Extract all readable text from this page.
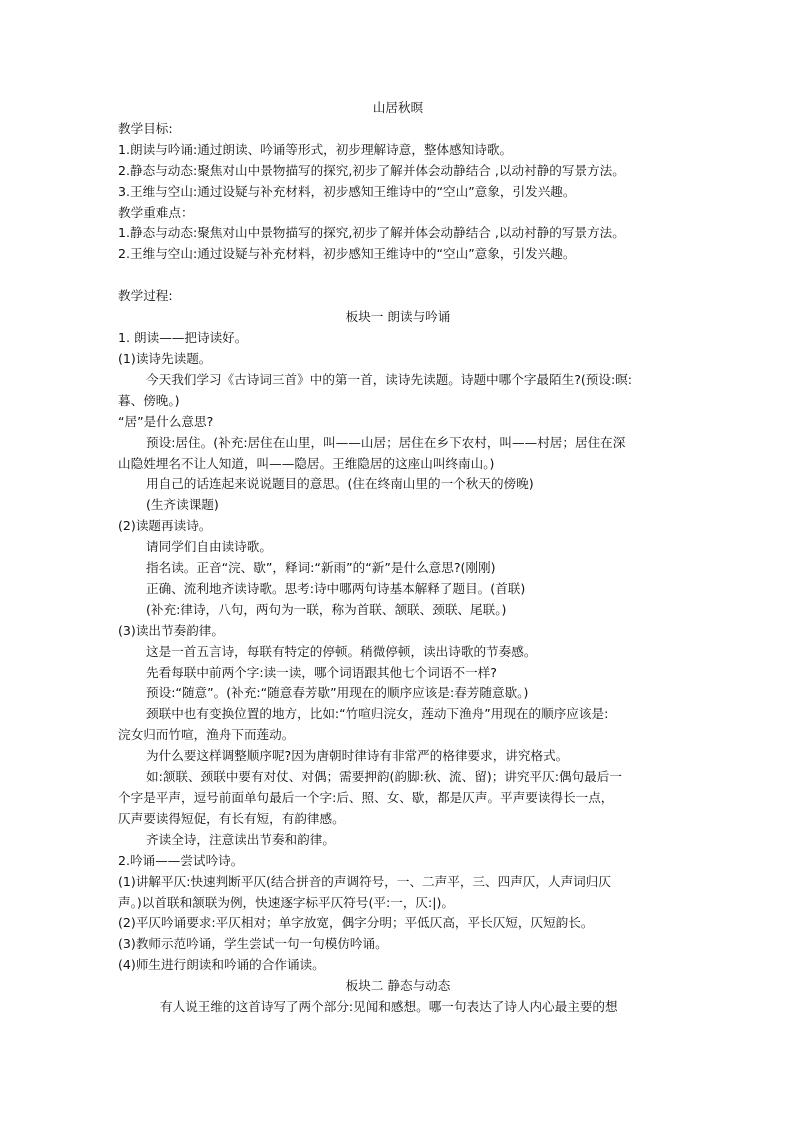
山居秋暝
教学目标:
1.朗读与吟诵:通过朗读、吟诵等形式，初步理解诗意，整体感知诗歌。
2.静态与动态:聚焦对山中景物描写的探究,初步了解并体会动静结合 ,以动衬静的写景方法。
3.王维与空山:通过设疑与补充材料，初步感知王维诗中的“空山”意象，引发兴趣。
教学重难点：
1.静态与动态:聚焦对山中景物描写的探究,初步了解并体会动静结合 ,以动衬静的写景方法。
2.王维与空山:通过设疑与补充材料，初步感知王维诗中的“空山”意象，引发兴趣。
教学过程:
板块一 朗读与吟诵
1. 朗读——把诗读好。
(1)读诗先读题。
今天我们学习《古诗词三首》中的第一首，读诗先读题。诗题中哪个字最陌生?(预设:暝:
暮、傍晚。)
“居”是什么意思?
预设:居住。(补充:居住在山里，叫——山居；居住在乡下农村，叫——村居；居住在深
山隐姓埋名不让人知道，叫——隐居。王维隐居的这座山叫终南山。)
用自己的话连起来说说题目的意思。(住在终南山里的一个秋天的傍晚)
(生齐读课题)
(2)读题再读诗。
请同学们自由读诗歌。
指名读。正音“浣、歇”，释词:“新雨”的“新”是什么意思?(刚刚)
正确、流利地齐读诗歌。思考:诗中哪两句诗基本解释了题目。(首联)
(补充:律诗，八句，两句为一联，称为首联、颔联、颈联、尾联。)
(3)读出节奏韵律。
这是一首五言诗，每联有特定的停顿。稍微停顿，读出诗歌的节奏感。
先看每联中前两个字:读一读，哪个词语跟其他七个词语不一样?
预设:“随意”。(补充:“随意春芳歇”用现在的顺序应该是:春芳随意歇。)
颈联中也有变换位置的地方，比如:“竹喧归浣女，莲动下渔舟”用现在的顺序应该是:
浣女归而竹喧，渔舟下而莲动。
为什么要这样调整顺序呢?因为唐朝时律诗有非常严的格律要求，讲究格式。
如:颔联、颈联中要有对仗、对偶；需要押韵(韵脚:秋、流、留)；讲究平仄:偶句最后一
个字是平声，逗号前面单句最后一个字:后、照、女、歇，都是仄声。平声要读得长一点，
仄声要读得短促，有长有短，有韵律感。
齐读全诗，注意读出节奏和韵律。
2.吟诵——尝试吟诗。
(1)讲解平仄:快速判断平仄(结合拼音的声调符号，一、二声平，三、四声仄，人声词归仄
声。)以首联和颔联为例，快速逐字标平仄符号(平:一，仄:|)。
(2)平仄吟诵要求:平仄相对；单字放宽，偶字分明；平低仄高，平长仄短，仄短韵长。
(3)教师示范吟诵，学生尝试一句一句模仿吟诵。
(4)师生进行朗读和吟诵的合作诵读。
板块二 静态与动态
有人说王维的这首诗写了两个部分:见闻和感想。哪一句表达了诗人内心最主要的想
